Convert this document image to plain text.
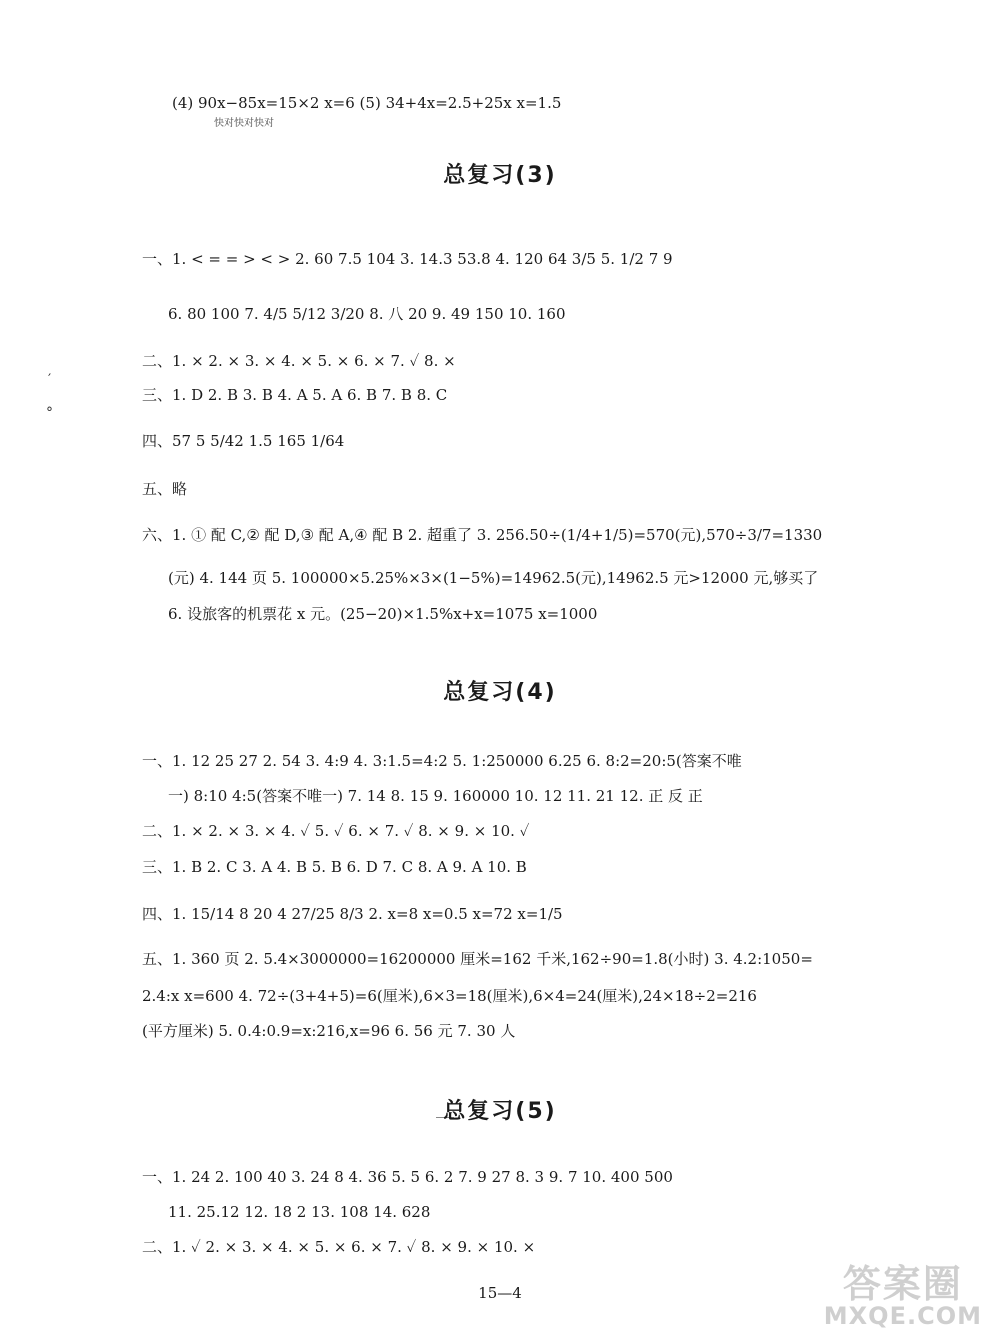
(4) 90x−85x=15×2 x=6 (5) 34+4x=2.5+25x x=1.5
快对快对快对
总复习(3)
一、1. < = = > < > 2. 60 7.5 104 3. 14.3 53.8 4. 120 64 3/5 5. 1/2 7 9
6. 80 100 7. 4/5 5/12 3/20 8. 八 20 9. 49 150 10. 160
二、1. × 2. × 3. × 4. × 5. × 6. × 7. ✓ 8. ×
三、1. D 2. B 3. B 4. A 5. A 6. B 7. B 8. C
四、57 5 5/42 1.5 165 1/64
五、略
六、1. ① 配 C,② 配 D,③ 配 A,④ 配 B 2. 超重了 3. 256.50÷(1/4+1/5)=570(元),570÷3/7=1330
(元) 4. 144 页 5. 100000×5.25%×3×(1−5%)=14962.5(元),14962.5 元>12000 元,够买了
6. 设旅客的机票花 x 元。(25−20)×1.5%x+x=1075 x=1000
′
°
总复习(4)
一、1. 12 25 27 2. 54 3. 4:9 4. 3:1.5=4:2 5. 1:250000 6.25 6. 8:2=20:5(答案不唯
一) 8:10 4:5(答案不唯一) 7. 14 8. 15 9. 160000 10. 12 11. 21 12. 正 反 正
二、1. × 2. × 3. × 4. ✓ 5. ✓ 6. × 7. ✓ 8. × 9. × 10. ✓
三、1. B 2. C 3. A 4. B 5. B 6. D 7. C 8. A 9. A 10. B
四、1. 15/14 8 20 4 27/25 8/3 2. x=8 x=0.5 x=72 x=1/5
五、1. 360 页 2. 5.4×3000000=16200000 厘米=162 千米,162÷90=1.8(小时) 3. 4.2:1050=
2.4:x x=600 4. 72÷(3+4+5)=6(厘米),6×3=18(厘米),6×4=24(厘米),24×18÷2=216
(平方厘米) 5. 0.4:0.9=x:216,x=96 6. 56 元 7. 30 人
总复习(5)
一、1. 24 2. 100 40 3. 24 8 4. 36 5. 5 6. 2 7. 9 27 8. 3 9. 7 10. 400 500
11. 25.12 12. 18 2 13. 108 14. 628
二、1. ✓ 2. × 3. × 4. × 5. × 6. × 7. ✓ 8. × 9. × 10. ×
15—4	答案圈
MXQE.COM
